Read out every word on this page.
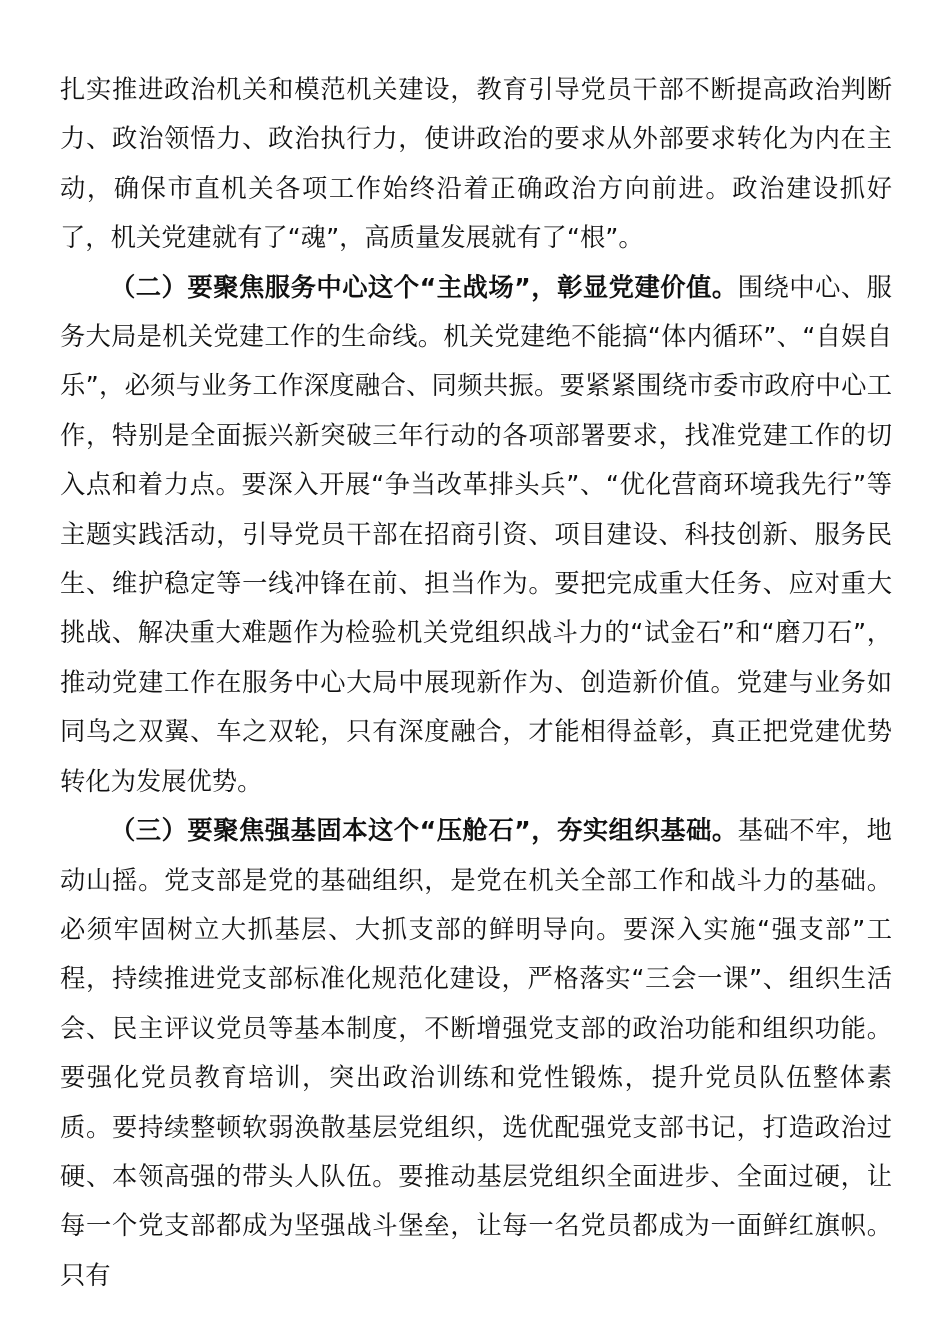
扎实推进政治机关和模范机关建设，教育引导党员干部不断提高政治判断力、政治领悟力、政治执行力，使讲政治的要求从外部要求转化为内在主动，确保市直机关各项工作始终沿着正确政治方向前进。政治建设抓好了，机关党建就有了“魂”，高质量发展就有了“根”。

（二）要聚焦服务中心这个“主战场”，彰显党建价值。围绕中心、服务大局是机关党建工作的生命线。机关党建绝不能搞“体内循环”、“自娱自乐”，必须与业务工作深度融合、同频共振。要紧紧围绕市委市政府中心工作，特别是全面振兴新突破三年行动的各项部署要求，找准党建工作的切入点和着力点。要深入开展“争当改革排头兵”、“优化营商环境我先行”等主题实践活动，引导党员干部在招商引资、项目建设、科技创新、服务民生、维护稳定等一线冲锋在前、担当作为。要把完成重大任务、应对重大挑战、解决重大难题作为检验机关党组织战斗力的“试金石”和“磨刀石”，推动党建工作在服务中心大局中展现新作为、创造新价值。党建与业务如同鸟之双翼、车之双轮，只有深度融合，才能相得益彰，真正把党建优势转化为发展优势。

（三）要聚焦强基固本这个“压舱石”，夯实组织基础。基础不牢，地动山摇。党支部是党的基础组织，是党在机关全部工作和战斗力的基础。必须牢固树立大抓基层、大抓支部的鲜明导向。要深入实施“强支部”工程，持续推进党支部标准化规范化建设，严格落实“三会一课”、组织生活会、民主评议党员等基本制度，不断增强党支部的政治功能和组织功能。要强化党员教育培训，突出政治训练和党性锻炼，提升党员队伍整体素质。要持续整顿软弱涣散基层党组织，选优配强党支部书记，打造政治过硬、本领高强的带头人队伍。要推动基层党组织全面进步、全面过硬，让每一个党支部都成为坚强战斗堡垒，让每一名党员都成为一面鲜红旗帜。只有
